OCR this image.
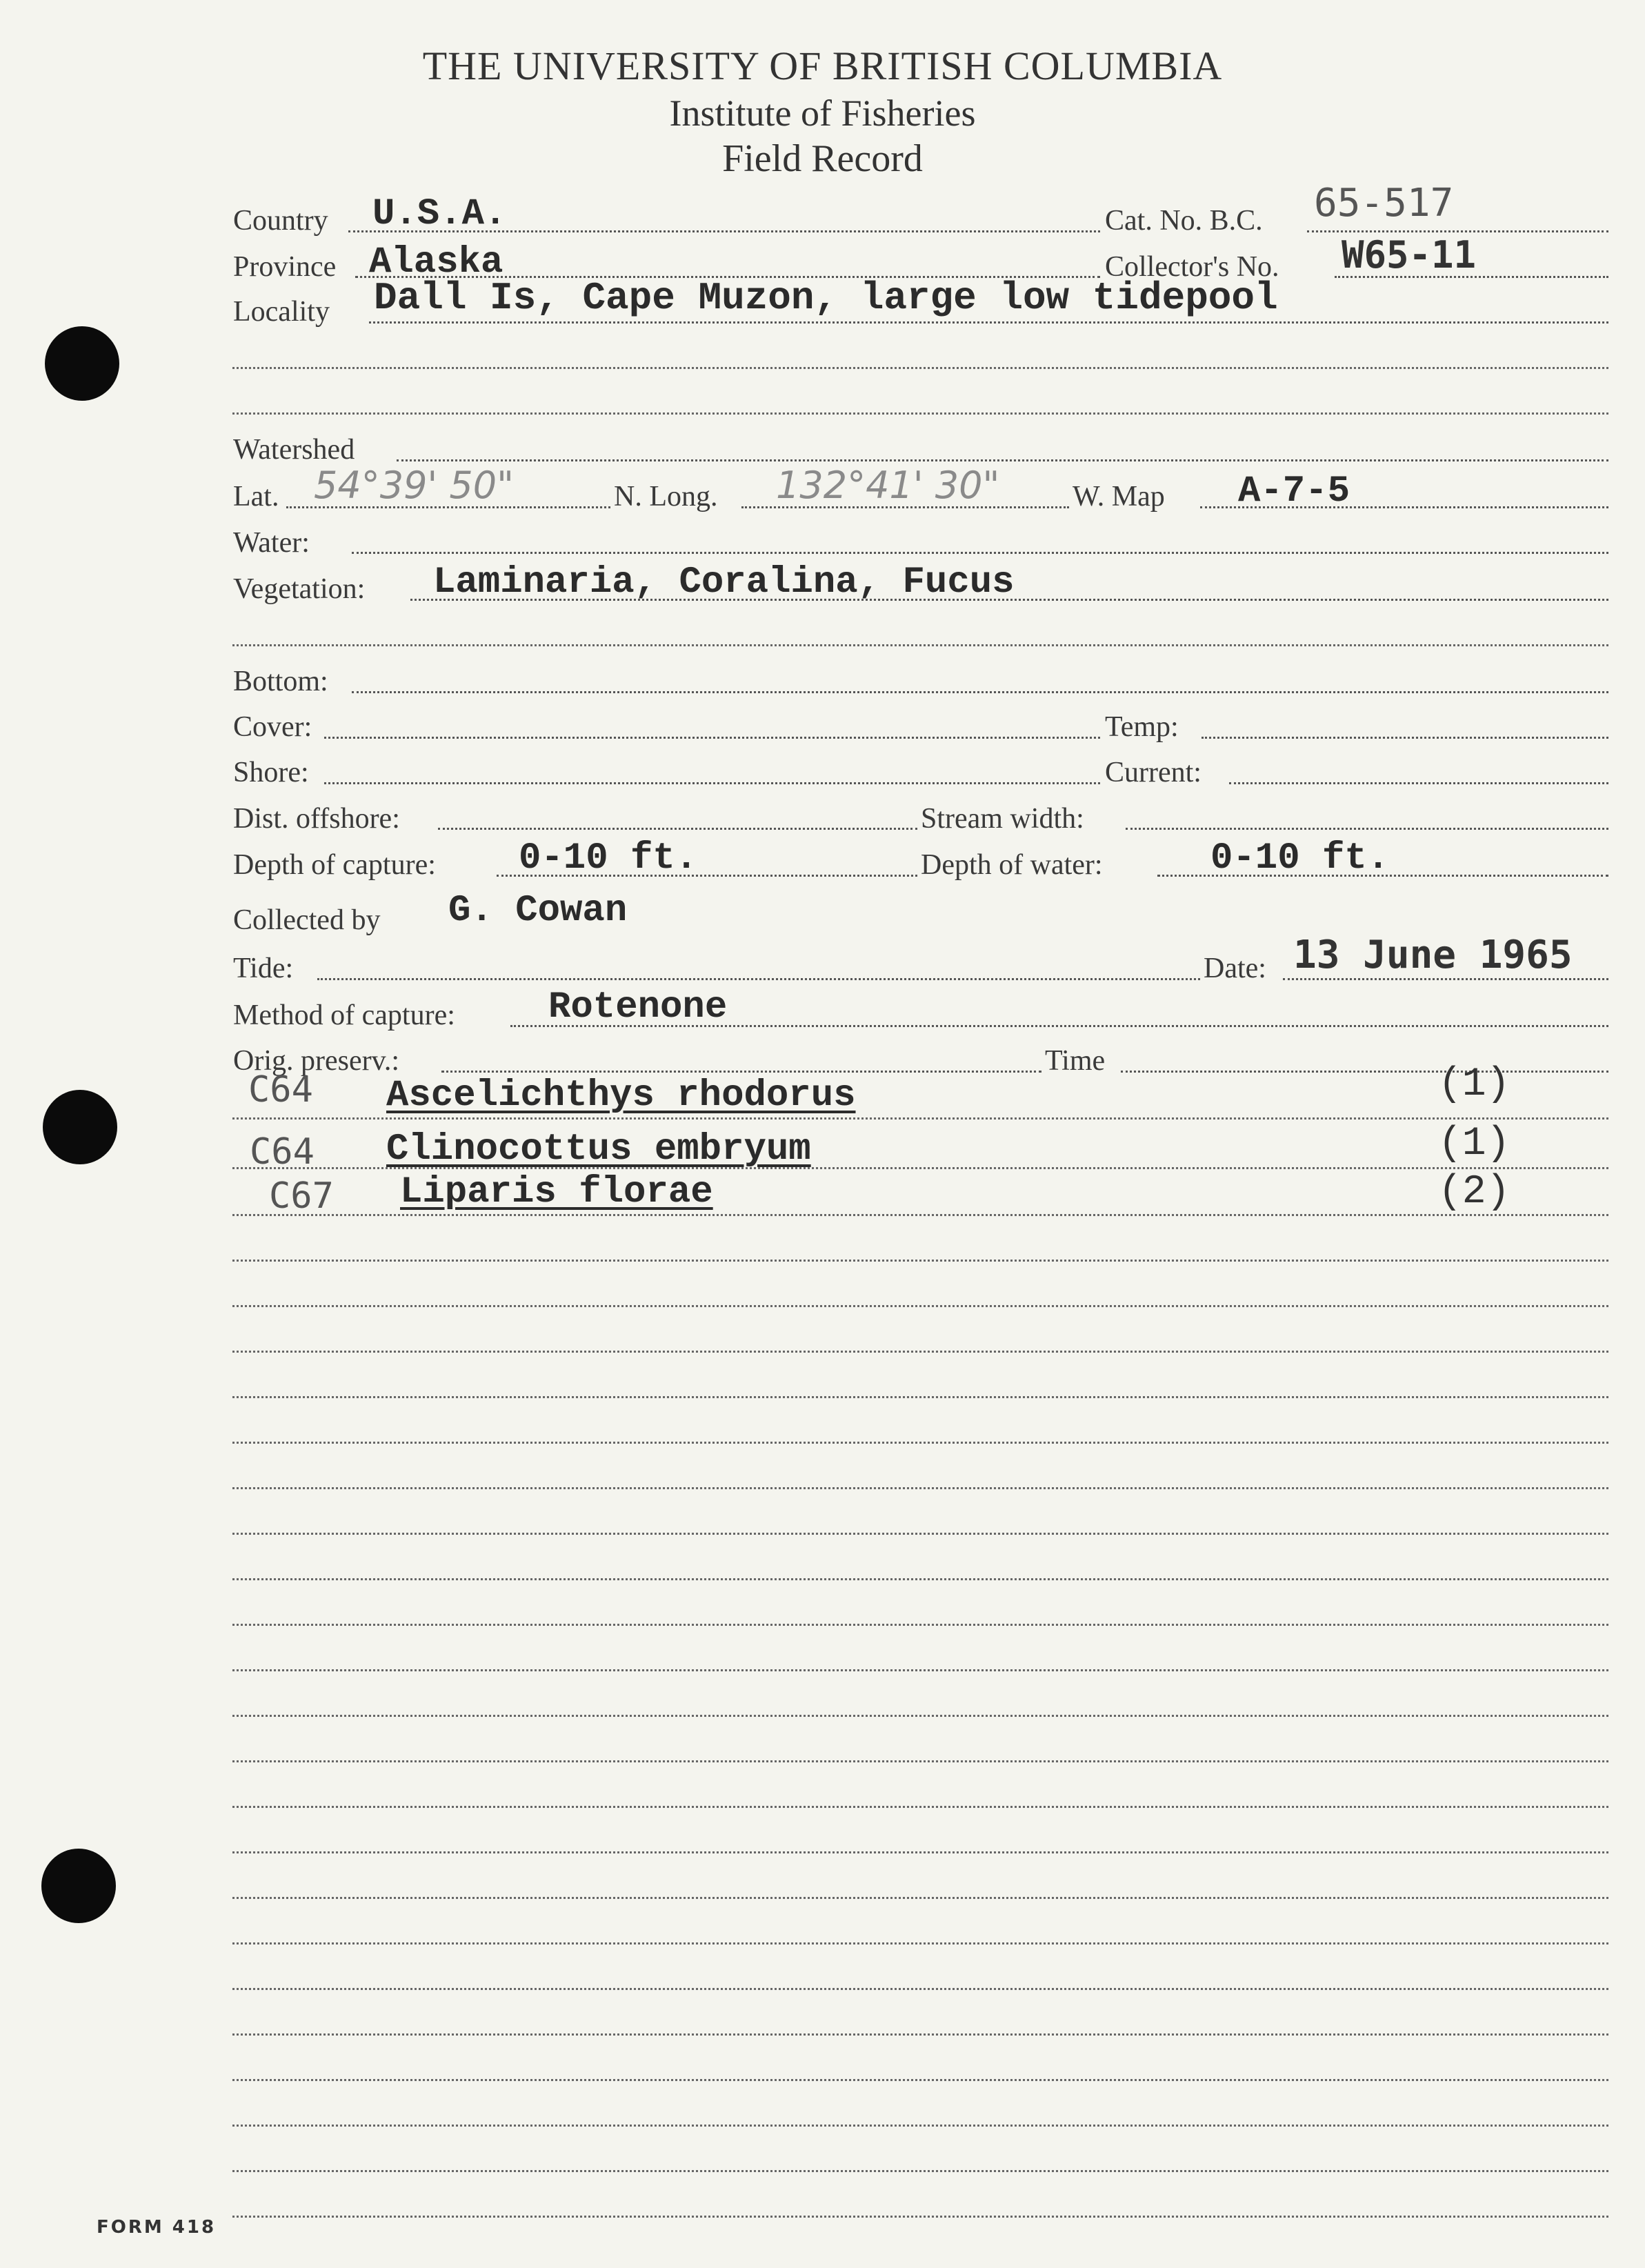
THE UNIVERSITY OF BRITISH COLUMBIA
Institute of Fisheries
Field Record
Country U.S.A.	Cat. No. B.C. 65-517
Province Alaska	Collector's No. W65-11
Locality Dall Is, Cape Muzon, large low tidepool
Watershed
Lat. 54°39' 50"	N. Long. 132°41' 30"	W. Map A-7-5
Water:
Vegetation: Laminaria, Coralina, Fucus
Bottom:
Cover:	Temp:
Shore:	Current:
Dist. offshore:	Stream width:
Depth of capture: 0-10 ft.	Depth of water:	0-10 ft.
Collected by G. Cowan
Tide:	Date: 13 June 1965
Method of capture:	Rotenone
Orig. preserv.:	Time
C64 Ascelichthys rhodorus	(1)
C64 Clinocottus embryum	(1)
C67 Liparis florae	(2)
FORM 418
